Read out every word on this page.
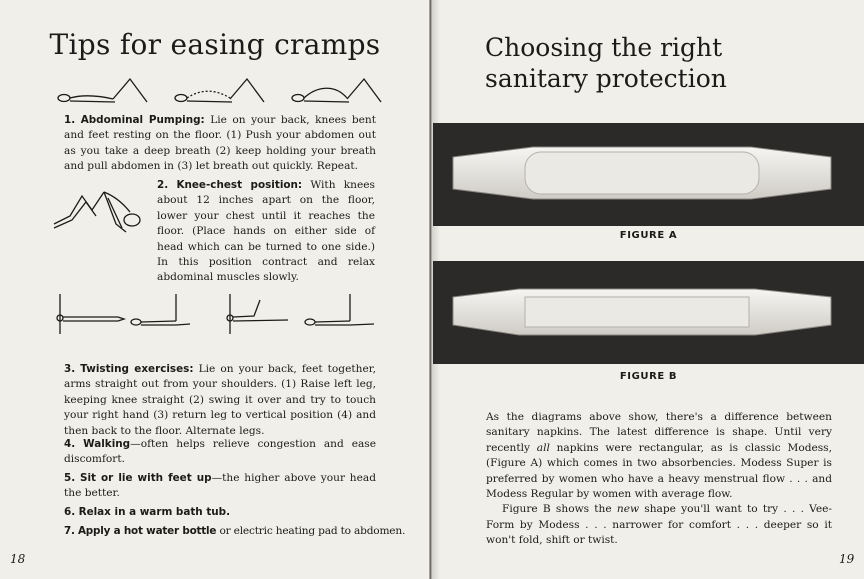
Tips for easing cramps
1. Abdominal Pumping: Lie on your back, knees bent and feet resting on the floor. (1) Push your abdomen out as you take a deep breath (2) keep holding your breath and pull abdomen in (3) let breath out quickly. Repeat.
2. Knee-chest position: With knees about 12 inches apart on the floor, lower your chest until it reaches the floor. (Place hands on either side of head which can be turned to one side.) In this position contract and relax abdominal muscles slowly.
3. Twisting exercises: Lie on your back, feet together, arms straight out from your shoulders. (1) Raise left leg, keeping knee straight (2) swing it over and try to touch your right hand (3) return leg to vertical position (4) and then back to the floor. Alternate legs.
4. Walking—often helps relieve congestion and ease discomfort.
5. Sit or lie with feet up—the higher above your head the better.
6. Relax in a warm bath tub.
7. Apply a hot water bottle or electric heating pad to abdomen.
18
Choosing the right
sanitary protection
FIGURE A
FIGURE B

As the diagrams above show, there's a difference between sanitary napkins. The latest difference is shape. Until very recently all napkins were rectangular, as is classic Modess, (Figure A) which comes in two absorbencies. Modess Super is preferred by women who have a heavy menstrual flow . . . and Modess Regular by women with average flow.

Figure B shows the new shape you'll want to try . . . Vee-Form by Modess . . . narrower for comfort . . . deeper so it won't fold, shift or twist.

19
